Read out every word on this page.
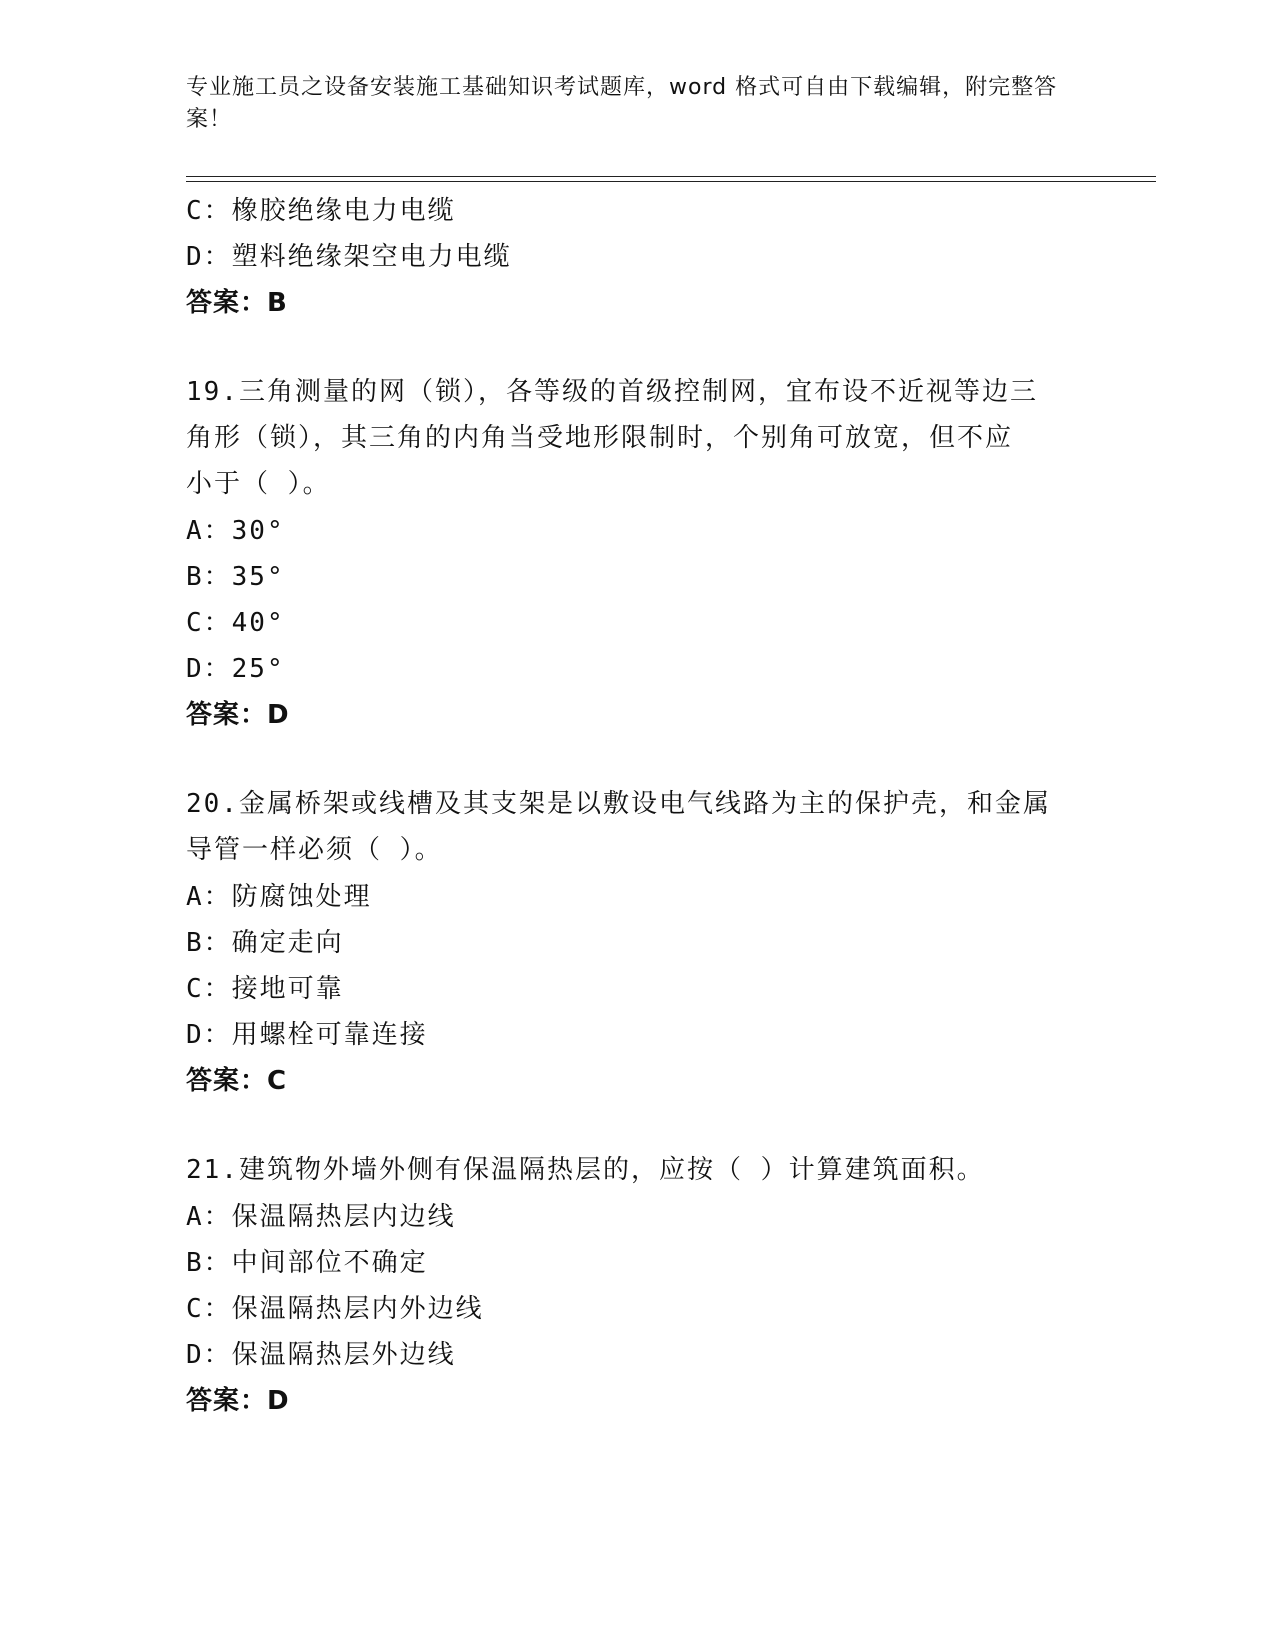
专业施工员之设备安装施工基础知识考试题库，word 格式可自由下载编辑，附完整答案！
C：橡胶绝缘电力电缆
D：塑料绝缘架空电力电缆
答案：B
19.三角测量的网（锁），各等级的首级控制网，宜布设不近视等边三
角形（锁），其三角的内角当受地形限制时，个别角可放宽，但不应
小于（ ）。
A：30°
B：35°
C：40°
D：25°
答案：D
20.金属桥架或线槽及其支架是以敷设电气线路为主的保护壳，和金属
导管一样必须（ ）。
A：防腐蚀处理
B：确定走向
C：接地可靠
D：用螺栓可靠连接
答案：C
21.建筑物外墙外侧有保温隔热层的，应按（ ）计算建筑面积。
A：保温隔热层内边线
B：中间部位不确定
C：保温隔热层内外边线
D：保温隔热层外边线
答案：D
